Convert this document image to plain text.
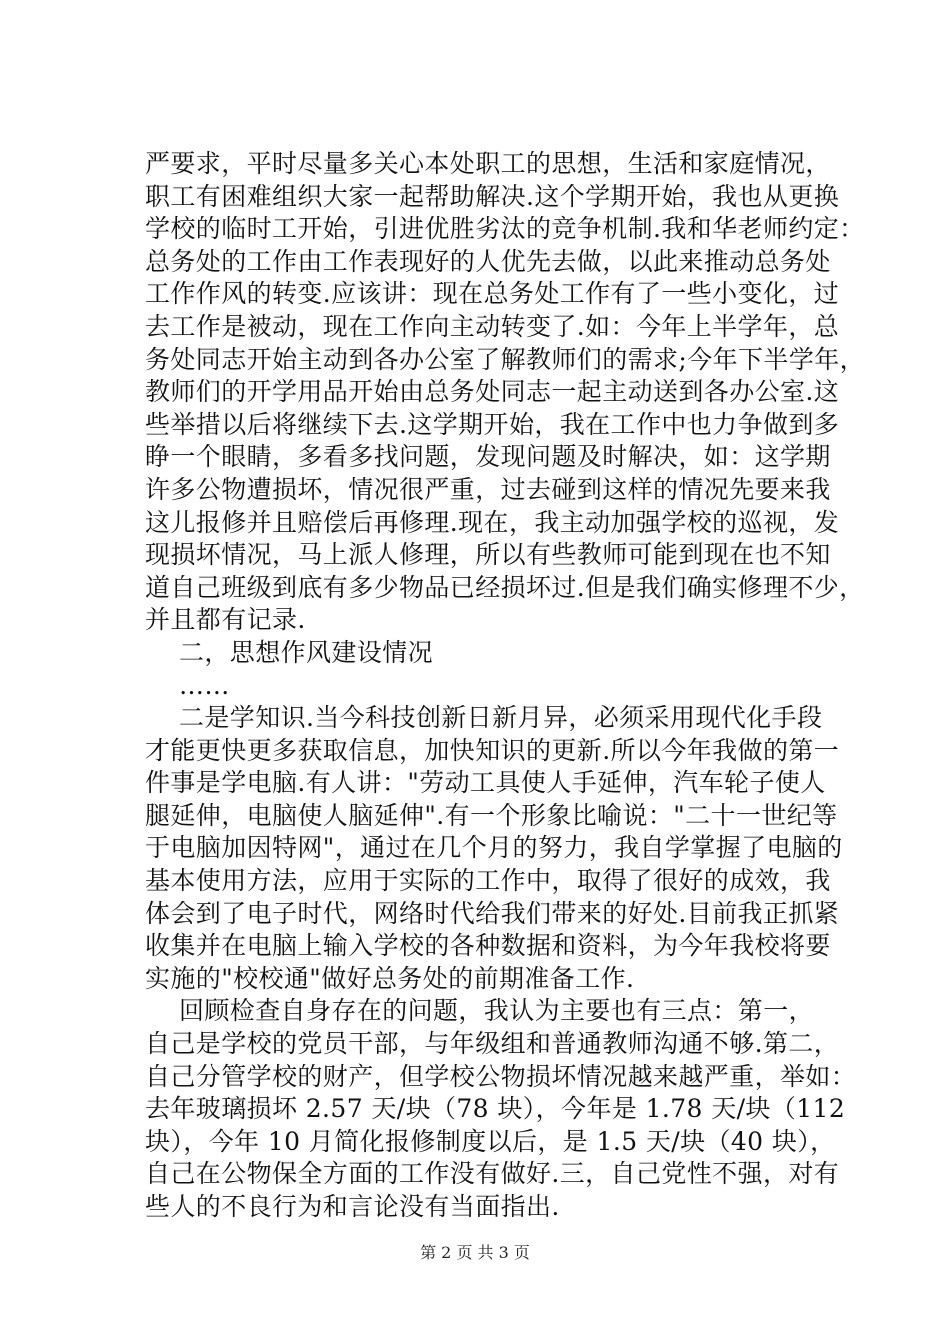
严要求，平时尽量多关心本处职工的思想，生活和家庭情况，
职工有困难组织大家一起帮助解决.这个学期开始，我也从更换
学校的临时工开始，引进优胜劣汰的竞争机制.我和华老师约定：
总务处的工作由工作表现好的人优先去做，以此来推动总务处
工作作风的转变.应该讲：现在总务处工作有了一些小变化，过
去工作是被动，现在工作向主动转变了.如：今年上半学年，总
务处同志开始主动到各办公室了解教师们的需求;今年下半学年，
教师们的开学用品开始由总务处同志一起主动送到各办公室.这
些举措以后将继续下去.这学期开始，我在工作中也力争做到多
睁一个眼睛，多看多找问题，发现问题及时解决，如：这学期
许多公物遭损坏，情况很严重，过去碰到这样的情况先要来我
这儿报修并且赔偿后再修理.现在，我主动加强学校的巡视，发
现损坏情况，马上派人修理，所以有些教师可能到现在也不知
道自己班级到底有多少物品已经损坏过.但是我们确实修理不少，
并且都有记录.
二，思想作风建设情况
……
二是学知识.当今科技创新日新月异，必须采用现代化手段
才能更快更多获取信息，加快知识的更新.所以今年我做的第一
件事是学电脑.有人讲："劳动工具使人手延伸，汽车轮子使人
腿延伸，电脑使人脑延伸".有一个形象比喻说："二十一世纪等
于电脑加因特网"，通过在几个月的努力，我自学掌握了电脑的
基本使用方法，应用于实际的工作中，取得了很好的成效，我
体会到了电子时代，网络时代给我们带来的好处.目前我正抓紧
收集并在电脑上输入学校的各种数据和资料，为今年我校将要
实施的"校校通"做好总务处的前期准备工作.
回顾检查自身存在的问题，我认为主要也有三点：第一，
自己是学校的党员干部，与年级组和普通教师沟通不够.第二，
自己分管学校的财产，但学校公物损坏情况越来越严重，举如：
去年玻璃损坏 2.57 天/块（78 块），今年是 1.78 天/块（112
块），今年 10 月简化报修制度以后，是 1.5 天/块（40 块），
自己在公物保全方面的工作没有做好.三，自己党性不强，对有
些人的不良行为和言论没有当面指出.
第 2 页 共 3 页
